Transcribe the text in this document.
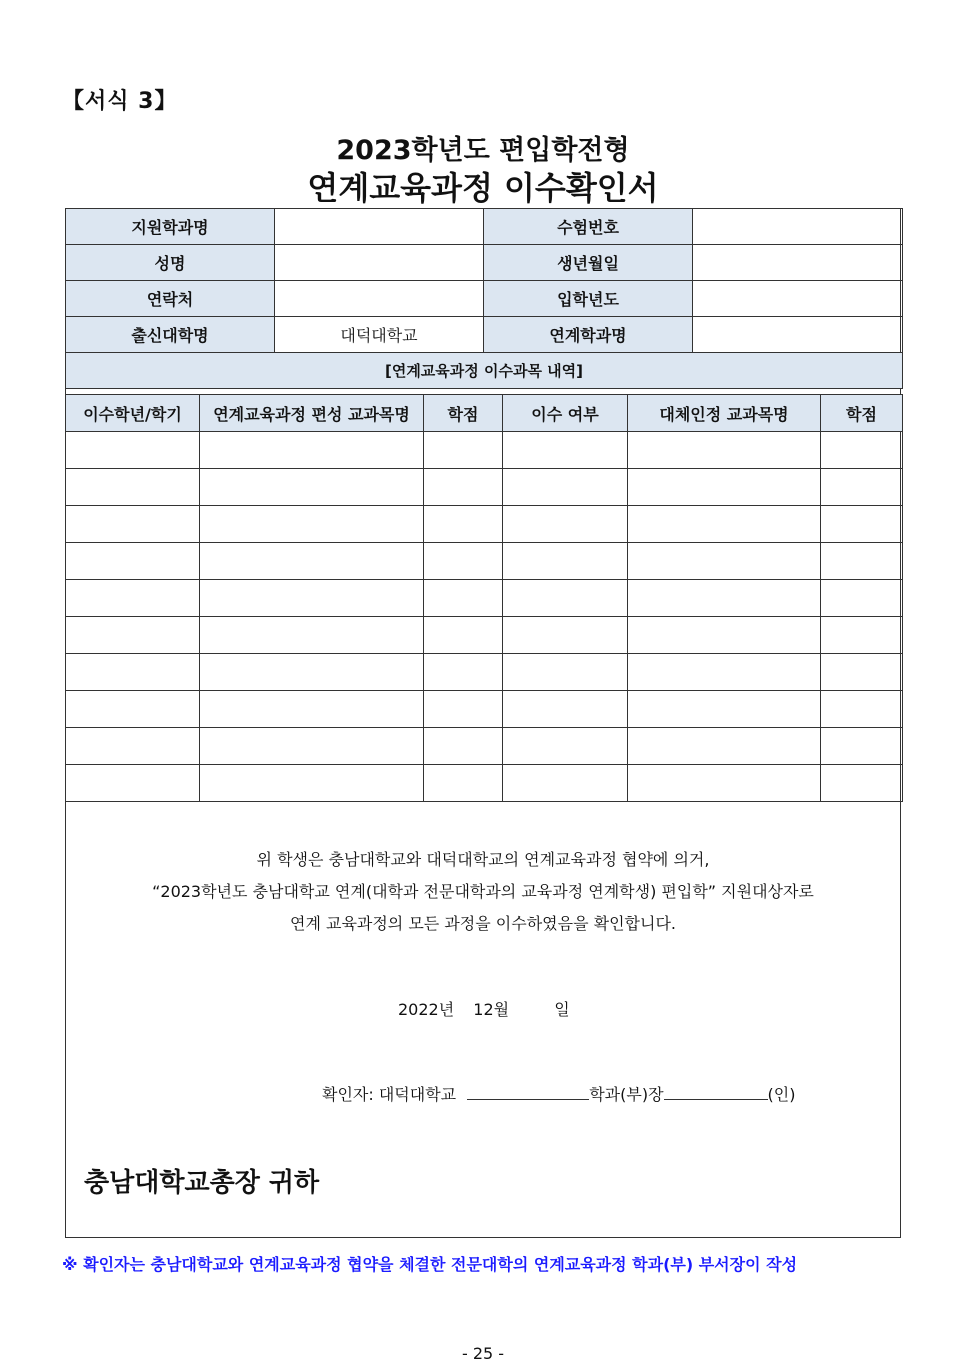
【서식 3】
2023학년도 편입학전형
연계교육과정 이수확인서
지원학과명		수험번호	
성명		생년월일	
연락처		입학년도	
출신대학명	대덕대학교	연계학과명	
[연계교육과정 이수과목 내역]			
이수학년/학기	연계교육과정 편성 교과목명	학점	이수 여부	대체인정 교과목명	학점

위 학생은 충남대학교와 대덕대학교의 연계교육과정 협약에 의거,
“2023학년도 충남대학교 연계(대학과 전문대학과의 교육과정 연계학생) 편입학” 지원대상자로
연계 교육과정의 모든 과정을 이수하였음을 확인합니다.
2022년 12월	일
확인자: 대덕대학교	학과(부)장	(인)
충남대학교총장 귀하
※ 확인자는 충남대학교와 연계교육과정 협약을 체결한 전문대학의 연계교육과정 학과(부) 부서장이 작성
- 25 -
